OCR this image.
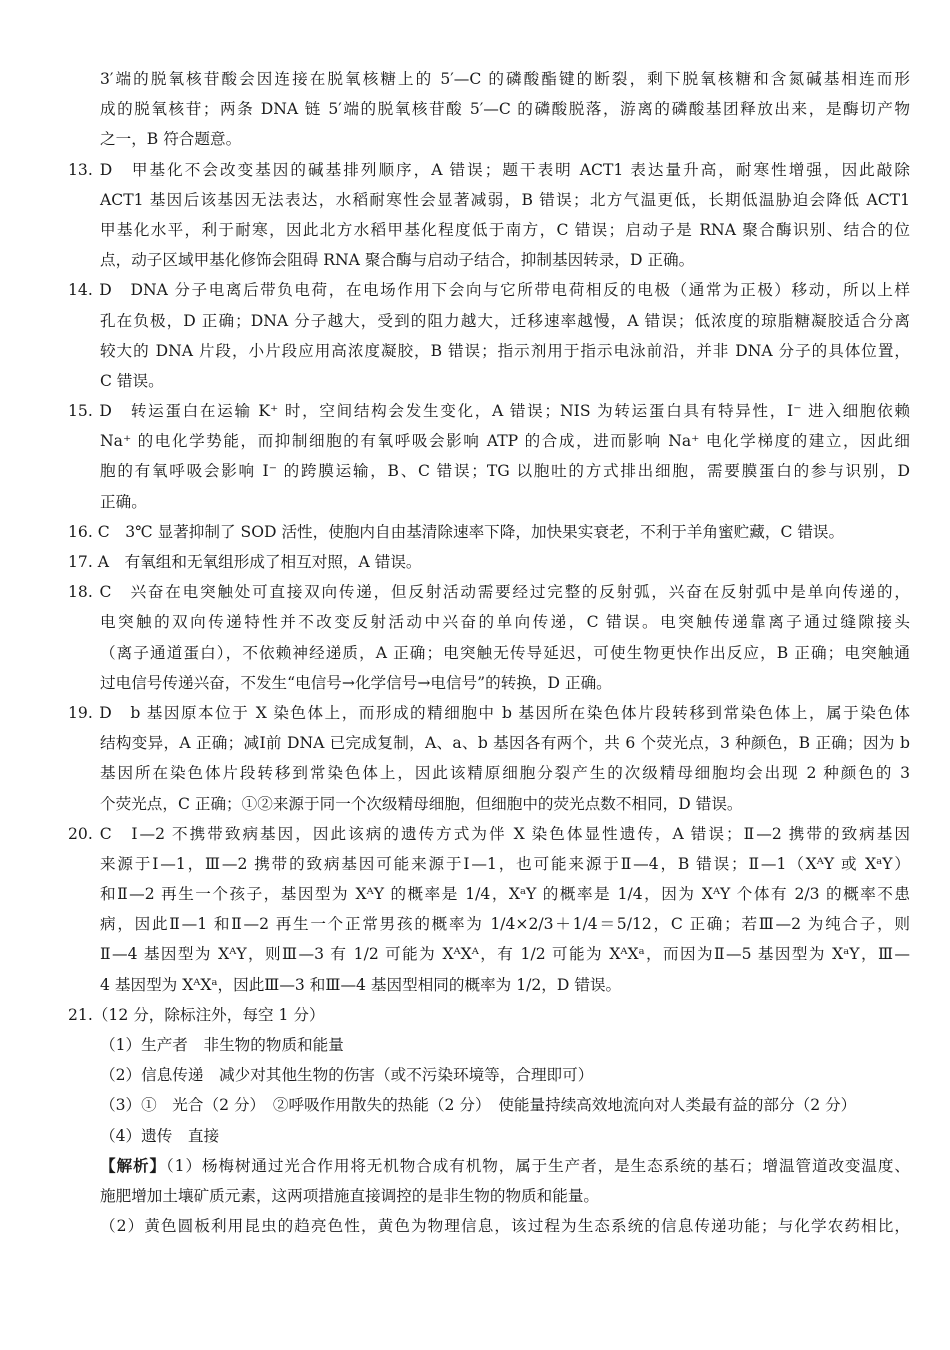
3′端的脱氧核苷酸会因连接在脱氧核糖上的 5′—C 的磷酸酯键的断裂，剩下脱氧核糖和含氮碱基相连而形
成的脱氧核苷；两条 DNA 链 5′端的脱氧核苷酸 5′—C 的磷酸脱落，游离的磷酸基团释放出来，是酶切产物
之一，B 符合题意。
13. D　甲基化不会改变基因的碱基排列顺序，A 错误；题干表明 ACT1 表达量升高，耐寒性增强，因此敲除
ACT1 基因后该基因无法表达，水稻耐寒性会显著减弱，B 错误；北方气温更低，长期低温胁迫会降低 ACT1
甲基化水平，利于耐寒，因此北方水稻甲基化程度低于南方，C 错误；启动子是 RNA 聚合酶识别、结合的位
点，动子区域甲基化修饰会阻碍 RNA 聚合酶与启动子结合，抑制基因转录，D 正确。
14. D　DNA 分子电离后带负电荷，在电场作用下会向与它所带电荷相反的电极（通常为正极）移动，所以上样
孔在负极，D 正确；DNA 分子越大，受到的阻力越大，迁移速率越慢，A 错误；低浓度的琼脂糖凝胶适合分离
较大的 DNA 片段，小片段应用高浓度凝胶，B 错误；指示剂用于指示电泳前沿，并非 DNA 分子的具体位置，
C 错误。
15. D　转运蛋白在运输 K⁺ 时，空间结构会发生变化，A 错误；NIS 为转运蛋白具有特异性，I⁻ 进入细胞依赖
Na⁺ 的电化学势能，而抑制细胞的有氧呼吸会影响 ATP 的合成，进而影响 Na⁺ 电化学梯度的建立，因此细
胞的有氧呼吸会影响 I⁻ 的跨膜运输，B、C 错误；TG 以胞吐的方式排出细胞，需要膜蛋白的参与识别，D
正确。
16. C　3℃ 显著抑制了 SOD 活性，使胞内自由基清除速率下降，加快果实衰老，不利于羊角蜜贮藏，C 错误。
17. A　有氧组和无氧组形成了相互对照，A 错误。
18. C　兴奋在电突触处可直接双向传递，但反射活动需要经过完整的反射弧，兴奋在反射弧中是单向传递的，
电突触的双向传递特性并不改变反射活动中兴奋的单向传递，C 错误。电突触传递靠离子通过缝隙接头
（离子通道蛋白），不依赖神经递质，A 正确；电突触无传导延迟，可使生物更快作出反应，B 正确；电突触通
过电信号传递兴奋，不发生“电信号→化学信号→电信号”的转换，D 正确。
19. D　b 基因原本位于 X 染色体上，而形成的精细胞中 b 基因所在染色体片段转移到常染色体上，属于染色体
结构变异，A 正确；减Ⅰ前 DNA 已完成复制，A、a、b 基因各有两个，共 6 个荧光点，3 种颜色，B 正确；因为 b
基因所在染色体片段转移到常染色体上，因此该精原细胞分裂产生的次级精母细胞均会出现 2 种颜色的 3
个荧光点，C 正确；①②来源于同一个次级精母细胞，但细胞中的荧光点数不相同，D 错误。
20. C　Ⅰ—2 不携带致病基因，因此该病的遗传方式为伴 X 染色体显性遗传，A 错误；Ⅱ—2 携带的致病基因
来源于Ⅰ—1，Ⅲ—2 携带的致病基因可能来源于Ⅰ—1，也可能来源于Ⅱ—4，B 错误；Ⅱ—1（XᴬY 或 XᵃY）
和Ⅱ—2 再生一个孩子，基因型为 XᴬY 的概率是 1/4，XᵃY 的概率是 1/4，因为 XᴬY 个体有 2/3 的概率不患
病，因此Ⅱ—1 和Ⅱ—2 再生一个正常男孩的概率为 1/4×2/3＋1/4＝5/12，C 正确；若Ⅲ—2 为纯合子，则
Ⅱ—4 基因型为 XᴬY，则Ⅲ—3 有 1/2 可能为 XᴬXᴬ，有 1/2 可能为 XᴬXᵃ，而因为Ⅱ—5 基因型为 XᵃY，Ⅲ—
4 基因型为 XᴬXᵃ，因此Ⅲ—3 和Ⅲ—4 基因型相同的概率为 1/2，D 错误。
21.（12 分，除标注外，每空 1 分）
（1）生产者　非生物的物质和能量
（2）信息传递　减少对其他生物的伤害（或不污染环境等，合理即可）
（3）①　光合（2 分）　②呼吸作用散失的热能（2 分）　使能量持续高效地流向对人类最有益的部分（2 分）
（4）遗传　直接
【解析】（1）杨梅树通过光合作用将无机物合成有机物，属于生产者，是生态系统的基石；增温管道改变温度、
施肥增加土壤矿质元素，这两项措施直接调控的是非生物的物质和能量。
（2）黄色圆板利用昆虫的趋亮色性，黄色为物理信息，该过程为生态系统的信息传递功能；与化学农药相比，
